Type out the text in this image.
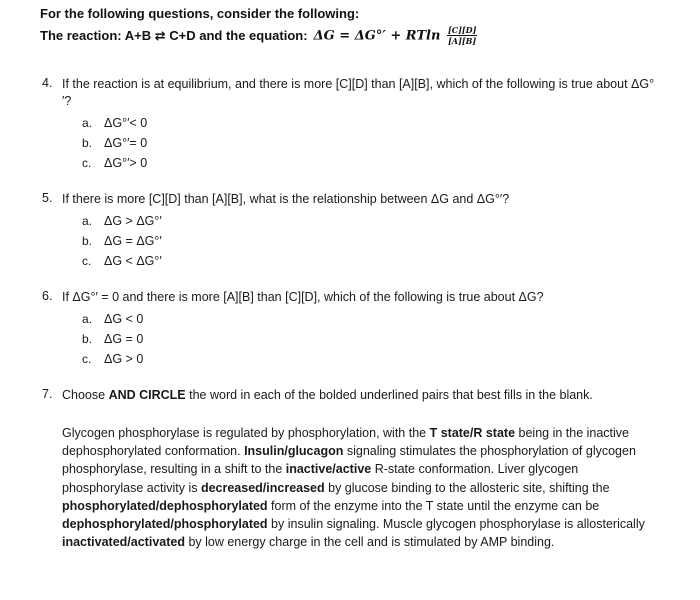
For the following questions, consider the following:
The reaction: A+B ⇄ C+D and the equation: ΔG = ΔG°′ + RTln $\frac{[C][D]}{[A][B]}$
4. If the reaction is at equilibrium, and there is more [C][D] than [A][B], which of the following is true about ΔG°′?
a. ΔG°′< 0
b. ΔG°′= 0
c.	ΔG°′> 0
5. If there is more [C][D] than [A][B], what is the relationship between ΔG and ΔG°′?
a. ΔG > ΔG°′
b. ΔG = ΔG°′
c.	ΔG < ΔG°′
6. If ΔG°′ = 0 and there is more [A][B] than [C][D], which of the following is true about ΔG?
a. ΔG < 0
b. ΔG = 0
c.	ΔG > 0
7. Choose AND CIRCLE the word in each of the bolded underlined pairs that best fills in the blank.
Glycogen phosphorylase is regulated by phosphorylation, with the T state/R state being in the inactive dephosphorylated conformation. Insulin/glucagon signaling stimulates the phosphorylation of glycogen phosphorylase, resulting in a shift to the inactive/active R-state conformation. Liver glycogen phosphorylase activity is decreased/increased by glucose binding to the allosteric site, shifting the phosphorylated/dephosphorylated form of the enzyme into the T state until the enzyme can be dephosphorylated/phosphorylated by insulin signaling. Muscle glycogen phosphorylase is allosterically inactivated/activated by low energy charge in the cell and is stimulated by AMP binding.
